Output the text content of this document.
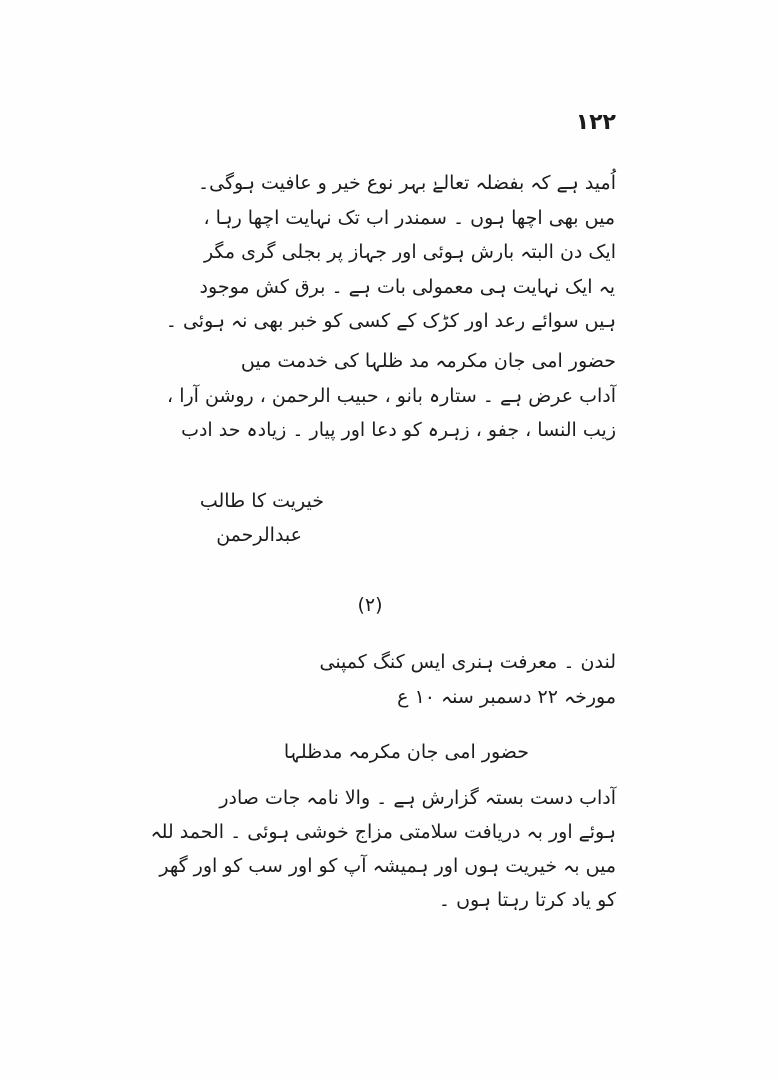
١٢٢
اُمید ہے کہ بفضلہ تعالےٰ بہر نوع خیر و عافیت ہوگی۔
میں بھی اچھا ہوں ۔ سمندر اب تک نہایت اچھا رہا ،
ایک دن البتہ بارش ہوئی اور جہاز پر بجلی گری مگر
یہ ایک نہایت ہی معمولی بات ہے ۔ برق کش موجود
ہیں سوائے رعد اور کڑک کے کسی کو خبر بھی نہ ہوئی ۔
حضور امی جان مکرمہ مد ظلہا کی خدمت میں
آداب عرض ہے ۔ ستارہ بانو ، حبیب الرحمن ، روشن آرا ،
زیب النسا ، جفو ، زہرہ کو دعا اور پیار ۔ زیادہ حد ادب
خیریت کا طالب
عبدالرحمن
(۲)
لندن ۔ معرفت ہنری ایس کنگ کمپنی
مورخہ ۲۲ دسمبر سنہ ۱۰ ع
حضور امی جان مکرمہ مدظلہا
آداب دست بستہ گزارش ہے ۔ والا نامہ جات صادر
ہوئے اور بہ دریافت سلامتی مزاج خوشی ہوئی ۔ الحمد للہ
میں بہ خیریت ہوں اور ہمیشہ آپ کو اور سب کو اور گھر
کو یاد کرتا رہتا ہوں ۔
